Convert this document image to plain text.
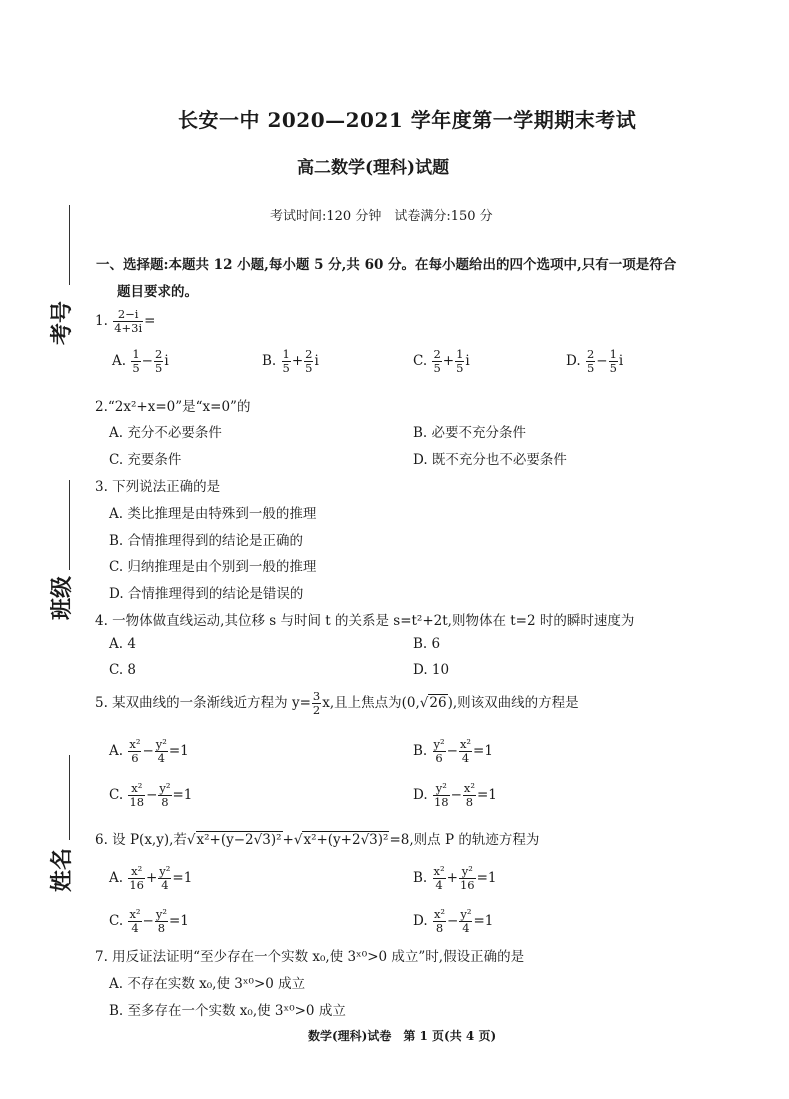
考号
班级
姓名
长安一中 2020—2021 学年度第一学期期末考试
高二数学(理科)试题
考试时间:120 分钟　试卷满分:150 分
一、选择题:本题共 12 小题,每小题 5 分,共 60 分。在每小题给出的四个选项中,只有一项是符合
题目要求的。
1. $\frac{2-i}{4+3i}$ =
A. $\frac{1}{5} - \frac{2}{5}$ i	B. $\frac{1}{5} + \frac{2}{5}$ i	C. $\frac{2}{5} + \frac{1}{5}$ i	D. $\frac{2}{5} - \frac{1}{5}$ i
2.“2x²+x=0”是“x=0”的
A. 充分不必要条件	B. 必要不充分条件
C. 充要条件	D. 既不充分也不必要条件
3. 下列说法正确的是
A. 类比推理是由特殊到一般的推理
B. 合情推理得到的结论是正确的
C. 归纳推理是由个别到一般的推理
D. 合情推理得到的结论是错误的
4. 一物体做直线运动,其位移 s 与时间 t 的关系是 s=t²+2t,则物体在 t=2 时的瞬时速度为
A. 4	B. 6
C. 8	D. 10
5. 某双曲线的一条渐线近方程为 $y= \frac{3}{2} x$,且上焦点为(0,√26),则该双曲线的方程是
A. $\frac{\text{x²}}{6} - \frac{\text{y²}}{4} =1$	B. $\frac{\text{y²}}{6} - \frac{\text{x²}}{4} =1$
C. $\frac{\text{x²}}{18} - \frac{\text{y²}}{8} =1$	D. $\frac{\text{y²}}{18} - \frac{\text{x²}}{8} =1$
6. 设 P(x,y),若√x²+(y−2√3)²+√x²+(y+2√3)²=8,则点 P 的轨迹方程为
A. $\frac{\text{x²}}{16} + \frac{\text{y²}}{4} =1$	B. $\frac{\text{x²}}{4} + \frac{\text{y²}}{16} =1$
C. $\frac{\text{x²}}{4} - \frac{\text{y²}}{8} =1$	D. $\frac{\text{x²}}{8} - \frac{\text{y²}}{4} =1$
7. 用反证法证明“至少存在一个实数 x₀,使 3ˣ⁰>0 成立”时,假设正确的是
A. 不存在实数 x₀,使 3ˣ⁰>0 成立
B. 至多存在一个实数 x₀,使 3ˣ⁰>0 成立
数学(理科)试卷　第 1 页(共 4 页)
